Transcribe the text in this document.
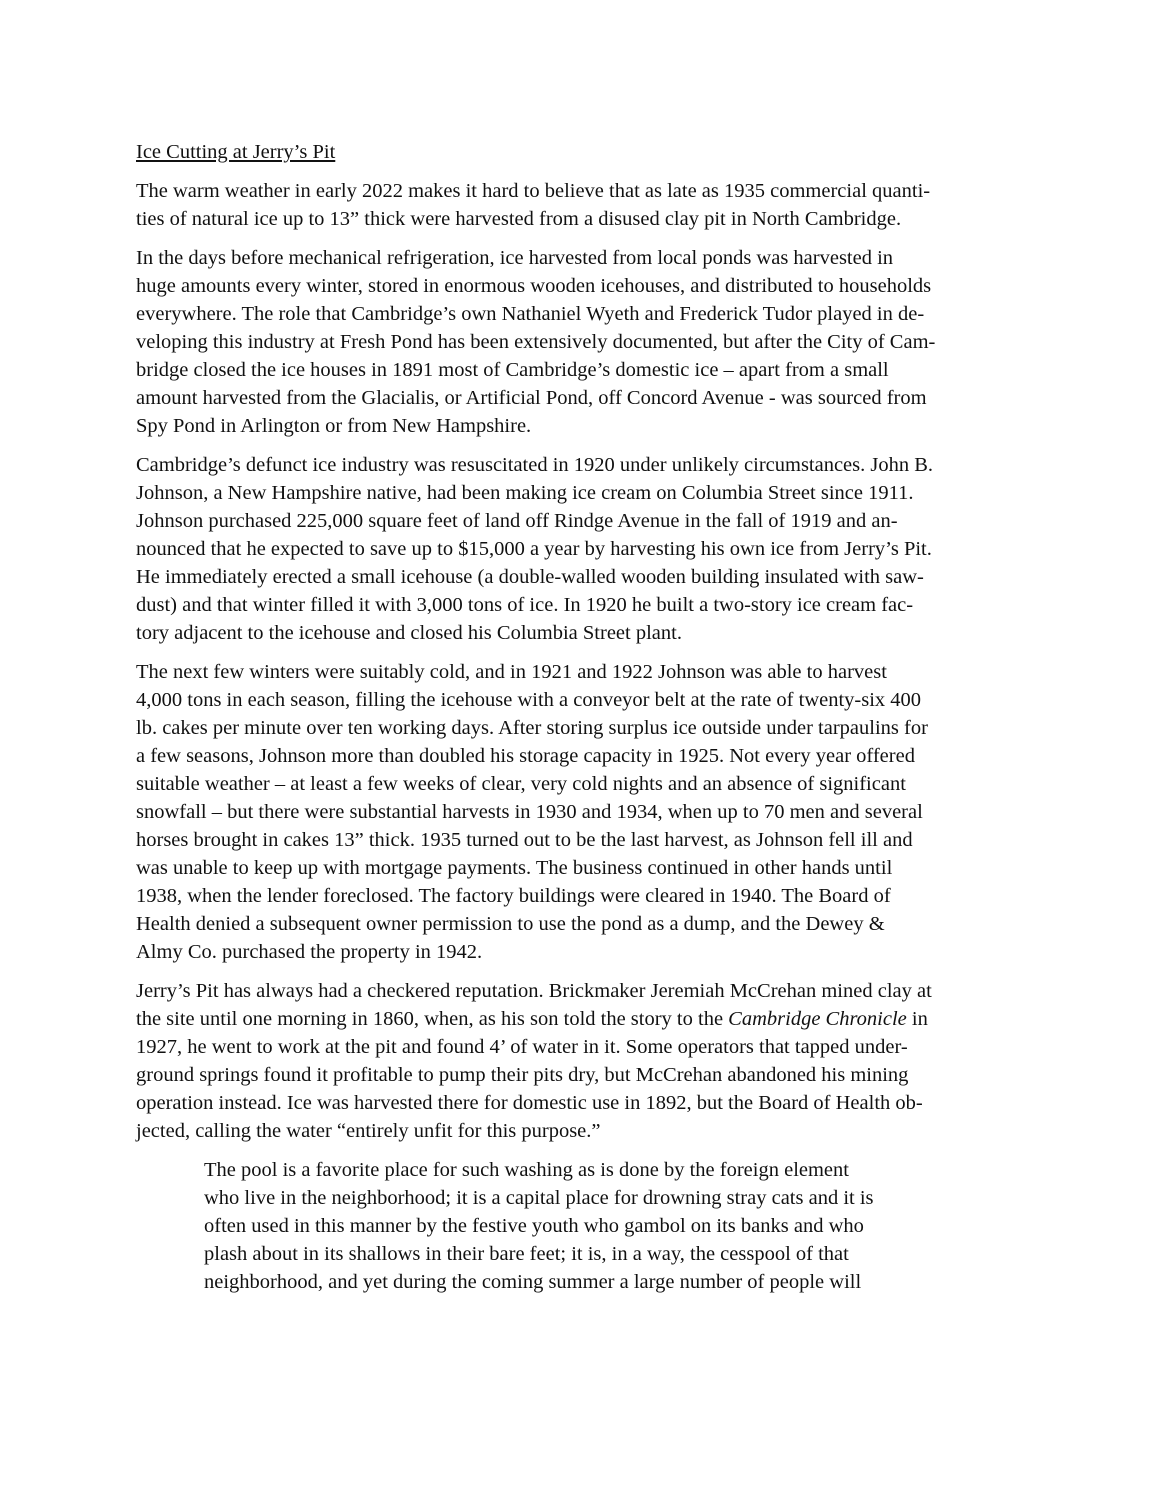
Ice Cutting at Jerry’s Pit

The warm weather in early 2022 makes it hard to believe that as late as 1935 commercial quanti-
ties of natural ice up to 13” thick were harvested from a disused clay pit in North Cambridge.

In the days before mechanical refrigeration, ice harvested from local ponds was harvested in
huge amounts every winter, stored in enormous wooden icehouses, and distributed to households
everywhere. The role that Cambridge’s own Nathaniel Wyeth and Frederick Tudor played in de-
veloping this industry at Fresh Pond has been extensively documented, but after the City of Cam-
bridge closed the ice houses in 1891 most of Cambridge’s domestic ice – apart from a small
amount harvested from the Glacialis, or Artificial Pond, off Concord Avenue - was sourced from
Spy Pond in Arlington or from New Hampshire.

Cambridge’s defunct ice industry was resuscitated in 1920 under unlikely circumstances. John B.
Johnson, a New Hampshire native, had been making ice cream on Columbia Street since 1911.
Johnson purchased 225,000 square feet of land off Rindge Avenue in the fall of 1919 and an-
nounced that he expected to save up to $15,000 a year by harvesting his own ice from Jerry’s Pit.
He immediately erected a small icehouse (a double-walled wooden building insulated with saw-
dust) and that winter filled it with 3,000 tons of ice. In 1920 he built a two-story ice cream fac-
tory adjacent to the icehouse and closed his Columbia Street plant.

The next few winters were suitably cold, and in 1921 and 1922 Johnson was able to harvest
4,000 tons in each season, filling the icehouse with a conveyor belt at the rate of twenty-six 400
lb. cakes per minute over ten working days. After storing surplus ice outside under tarpaulins for
a few seasons, Johnson more than doubled his storage capacity in 1925. Not every year offered
suitable weather – at least a few weeks of clear, very cold nights and an absence of significant
snowfall – but there were substantial harvests in 1930 and 1934, when up to 70 men and several
horses brought in cakes 13” thick. 1935 turned out to be the last harvest, as Johnson fell ill and
was unable to keep up with mortgage payments. The business continued in other hands until
1938, when the lender foreclosed. The factory buildings were cleared in 1940. The Board of
Health denied a subsequent owner permission to use the pond as a dump, and the Dewey &
Almy Co. purchased the property in 1942.

Jerry’s Pit has always had a checkered reputation. Brickmaker Jeremiah McCrehan mined clay at
the site until one morning in 1860, when, as his son told the story to the Cambridge Chronicle in
1927, he went to work at the pit and found 4’ of water in it. Some operators that tapped under-
ground springs found it profitable to pump their pits dry, but McCrehan abandoned his mining
operation instead. Ice was harvested there for domestic use in 1892, but the Board of Health ob-
jected, calling the water “entirely unfit for this purpose.”

The pool is a favorite place for such washing as is done by the foreign element
who live in the neighborhood; it is a capital place for drowning stray cats and it is
often used in this manner by the festive youth who gambol on its banks and who
plash about in its shallows in their bare feet; it is, in a way, the cesspool of that
neighborhood, and yet during the coming summer a large number of people will
